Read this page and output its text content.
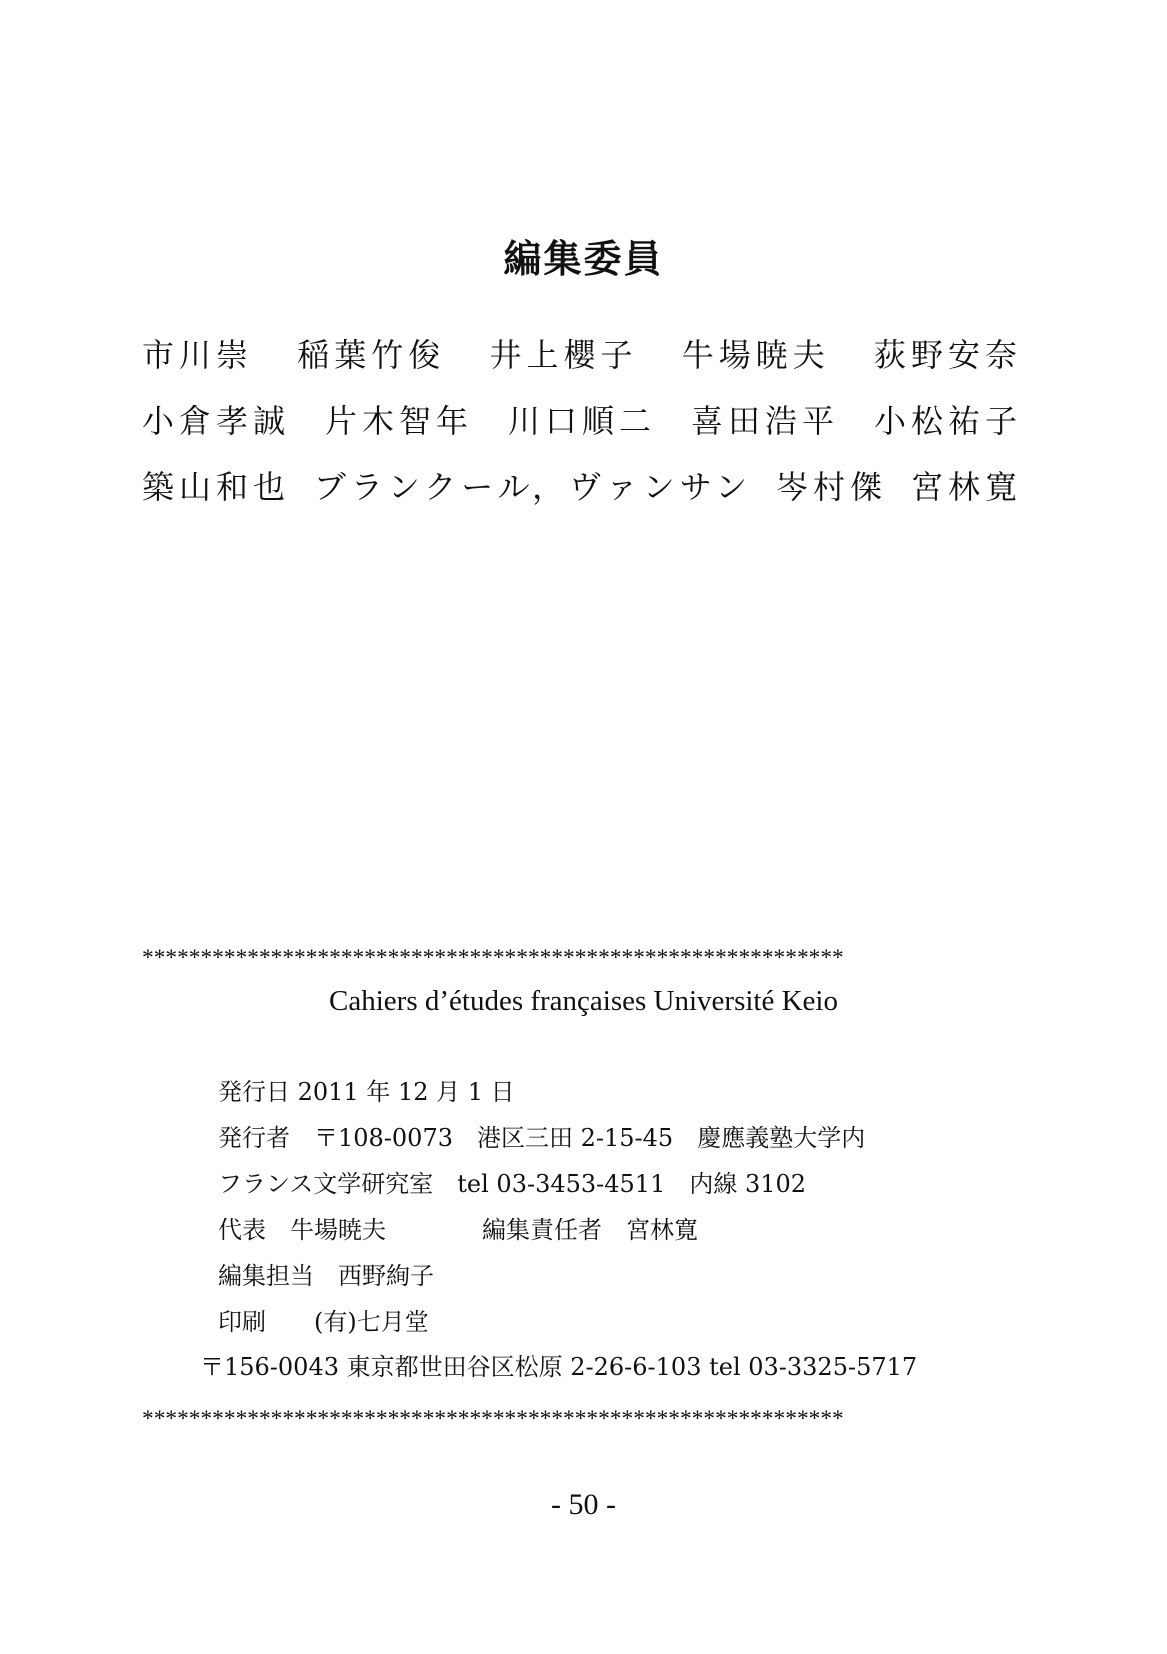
編集委員
市川崇 稲葉竹俊 井上櫻子 牛場暁夫 荻野安奈
小倉孝誠 片木智年 川口順二 喜田浩平 小松祐子
築山和也 ブランクール，ヴァンサン 岑村傑 宮林寛
************************************************************
Cahiers d’études françaises Université Keio
発行日 2011 年 12 月 1 日
発行者　〒108-0073　港区三田 2-15-45　慶應義塾大学内
フランス文学研究室　tel 03-3453-4511　内線 3102
代表　牛場暁夫　　　　編集責任者　宮林寛
編集担当　西野絢子
印刷　　(有)七月堂
〒156-0043 東京都世田谷区松原 2-26-6-103 tel 03-3325-5717
************************************************************
- 50 -
